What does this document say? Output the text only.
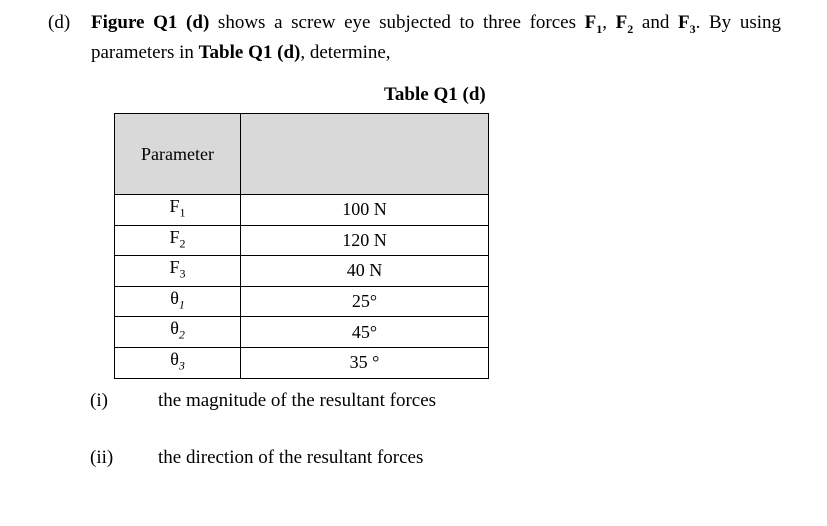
(d) Figure Q1 (d) shows a screw eye subjected to three forces $F_1$, $F_2$ and $F_3$. By using
parameters in Table Q1 (d), determine,
Table Q1 (d)
Parameter	
$F_1$	100 N
$F_2$	120 N
$F_3$	40 N
$\theta_1$	25°
$\theta_2$	45°
$\theta_3$	35 °
(i)	the magnitude of the resultant forces
(ii) the direction of the resultant forces
